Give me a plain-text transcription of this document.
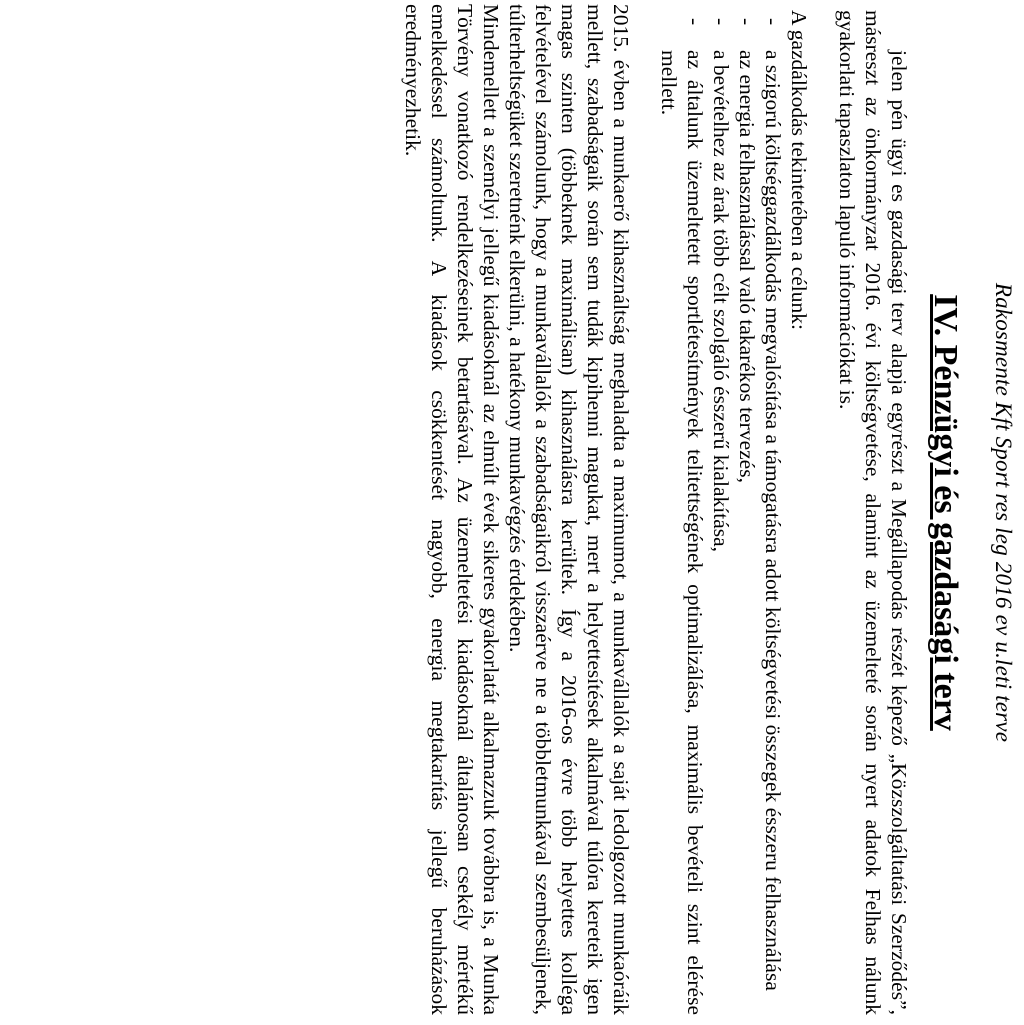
Rakosmente Kft Sport res leg 2016 ev u.leti terve
IV. Pénzügyi és gazdasági terv

jelen pén ügyi es gazdasági terv alapja egyrészt a Megállapodás részét képező „Közszolgáltatási Szerződés”, másreszt az önkormányzat 2016. évi költségvetése, alamint az üzemelteté során nyert adatok Felhas nálunk gyakorlati tapaszlaton lapuló információkat is.

A gazdálkodás tekintetében a célunk:

-
a szigorú költséggazdálkodás megvalósítása a támogatásra adott költségvetési összegek ésszeru felhasználása
-
az energia felhasználással való takarékos tervezés,
-
a bevételhez az árak több célt szolgáló ésszerű kialakítása,
-
az általunk üzemeltetett sportlétesítmények telitettségének optimalizálása, maximális bevételi szint elérése mellett.

2015. évben a munkaerő kihasználtság meghaladta a maximumot, a munkavállalók a saját ledolgozott munkaóráik mellett, szabadságaik során sem tudák kipihenni magukat, mert a helyettesítések alkalmával túlóra kereteik igen magas szinten (többeknek maximálisan) kihasználásra kerültek. Így a 2016-os évre több helyettes kolléga felvételével számolunk, hogy a munkavállalók a szabadságaikról visszaérve ne a többletmunkával szembesüljenek, túlterheltségüket szeretnénk elkerülni, a hatékony munkavégzés érdekében.

Mindemellett a személyi jellegű kiadásoknál az elmúlt évek sikeres gyakorlatát alkalmazzuk továbbra is, a Munka Törvény vonatkozó rendelkezéseinek betartásával. Az üzemeltetési kiadásoknál általánosan csekély mértékű emelkedéssel számoltunk. A kiadások csökkentését nagyobb, energia megtakarítás jellegű beruházások eredményezhetik.
